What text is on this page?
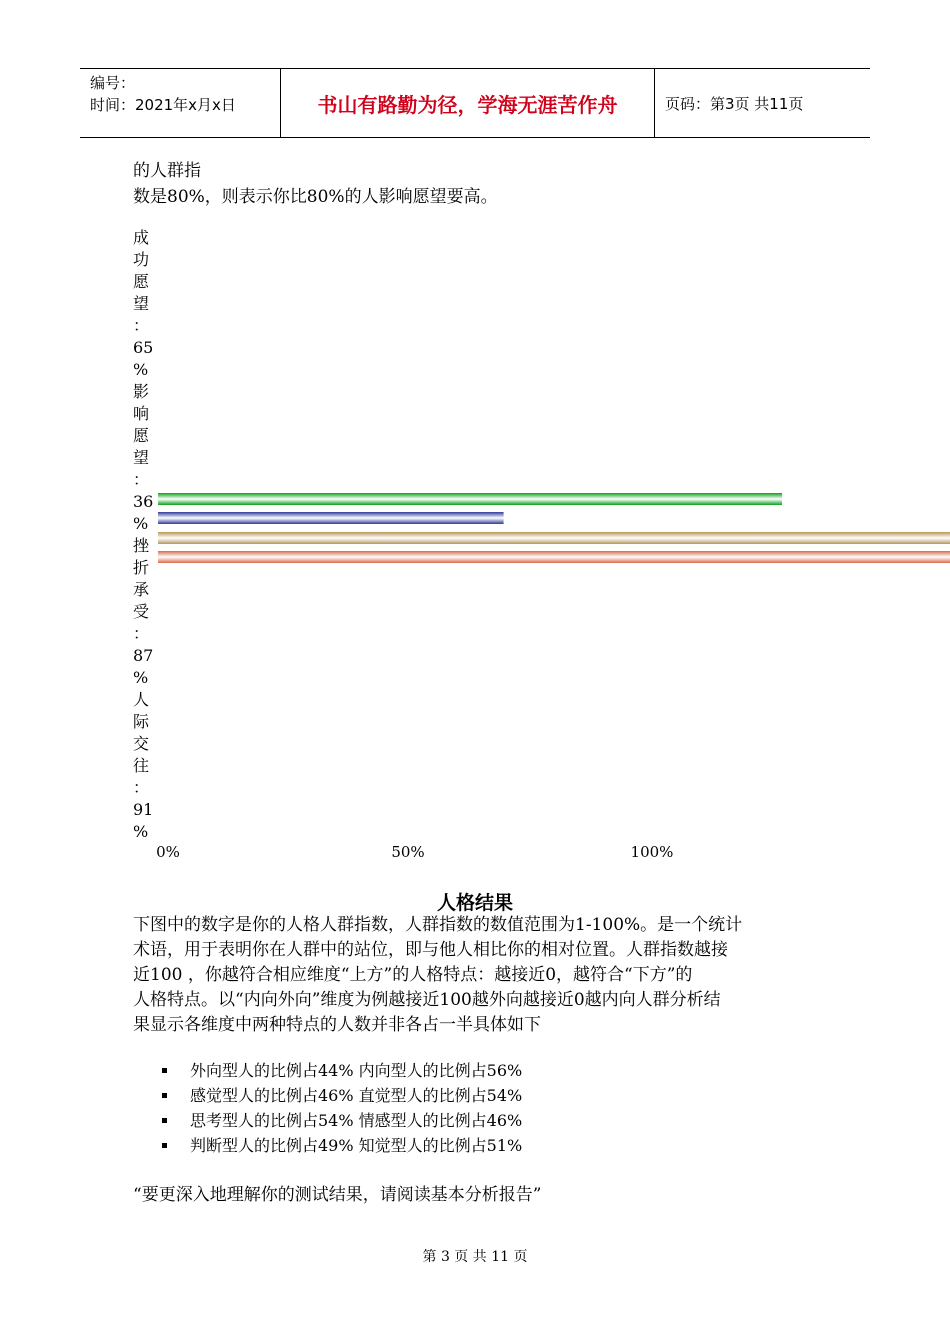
编号：
时间：2021年x月x日	书山有路勤为径，学海无涯苦作舟	页码：第3页 共11页
的人群指
数是80%，则表示你比80%的人影响愿望要高。
成
功
愿
望
：
65
%
影
响
愿
望
：
36
%
挫
折
承
受
：
87
%
人
际
交
往
：
91
%
0%	50%	100%
人格结果
下图中的数字是你的人格人群指数，人群指数的数值范围为1-100%。是一个统计
术语，用于表明你在人群中的站位，即与他人相比你的相对位置。人群指数越接
近100 ，你越符合相应维度“上方”的人格特点：越接近0，越符合“下方”的
人格特点。以“内向外向”维度为例越接近100越外向越接近0越内向人群分析结
果显示各维度中两种特点的人数并非各占一半具体如下
外向型人的比例占44% 内向型人的比例占56%
感觉型人的比例占46% 直觉型人的比例占54%
思考型人的比例占54% 情感型人的比例占46%
判断型人的比例占49% 知觉型人的比例占51%
“要更深入地理解你的测试结果，请阅读基本分析报告”
第 3 页 共 11 页
